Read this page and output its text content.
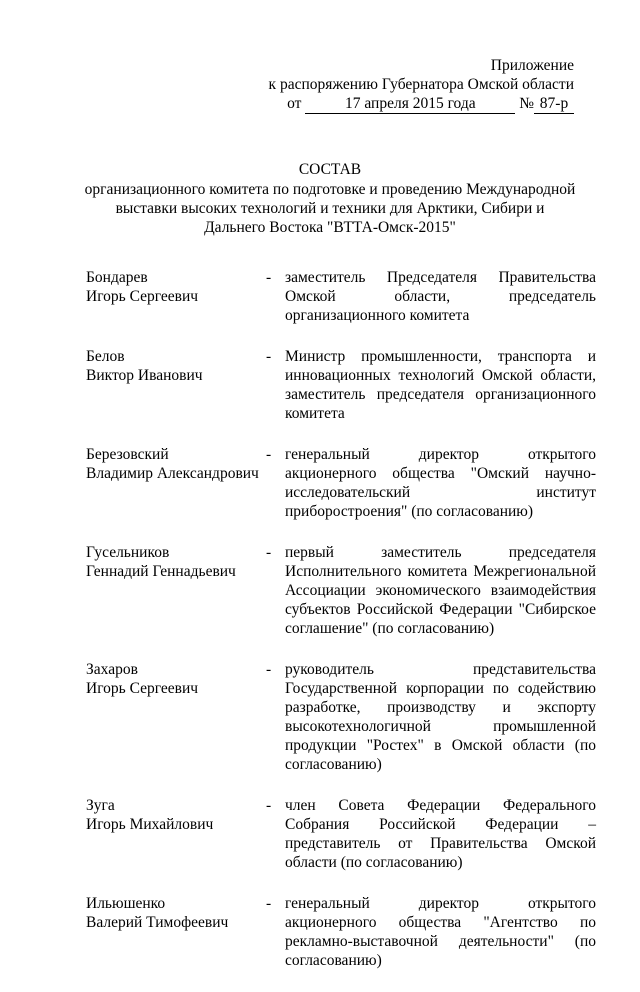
Приложение
к распоряжению Губернатора Омской области
от	17 апреля 2015 года	№ 87-р
СОСТАВ
организационного комитета по подготовке и проведению Международной
выставки высоких технологий и техники для Арктики, Сибири и
Дальнего Востока "ВТТА-Омск-2015"
Бондарев
Игорь Сергеевич
- заместитель Председателя Правительства Омской области, председатель организационного комитета
Белов
Виктор Иванович
- Министр промышленности, транспорта и инновационных технологий Омской области, заместитель председателя организационного комитета
Березовский
Владимир Александрович
- генеральный директор открытого акционерного общества "Омский научно-исследовательский институт приборостроения" (по согласованию)
Гусельников
Геннадий Геннадьевич
- первый заместитель председателя Исполнительного комитета Межрегиональной Ассоциации экономического взаимодействия субъектов Российской Федерации "Сибирское соглашение" (по согласованию)
Захаров
Игорь Сергеевич
- руководитель представительства Государственной корпорации по содействию разработке, производству и экспорту высокотехнологичной промышленной продукции "Ростех" в Омской области (по согласованию)
Зуга
Игорь Михайлович
- член Совета Федерации Федерального Собрания Российской Федерации – представитель от Правительства Омской области (по согласованию)
Ильюшенко
Валерий Тимофеевич
- генеральный директор открытого акционерного общества "Агентство по рекламно-выставочной деятельности" (по согласованию)
